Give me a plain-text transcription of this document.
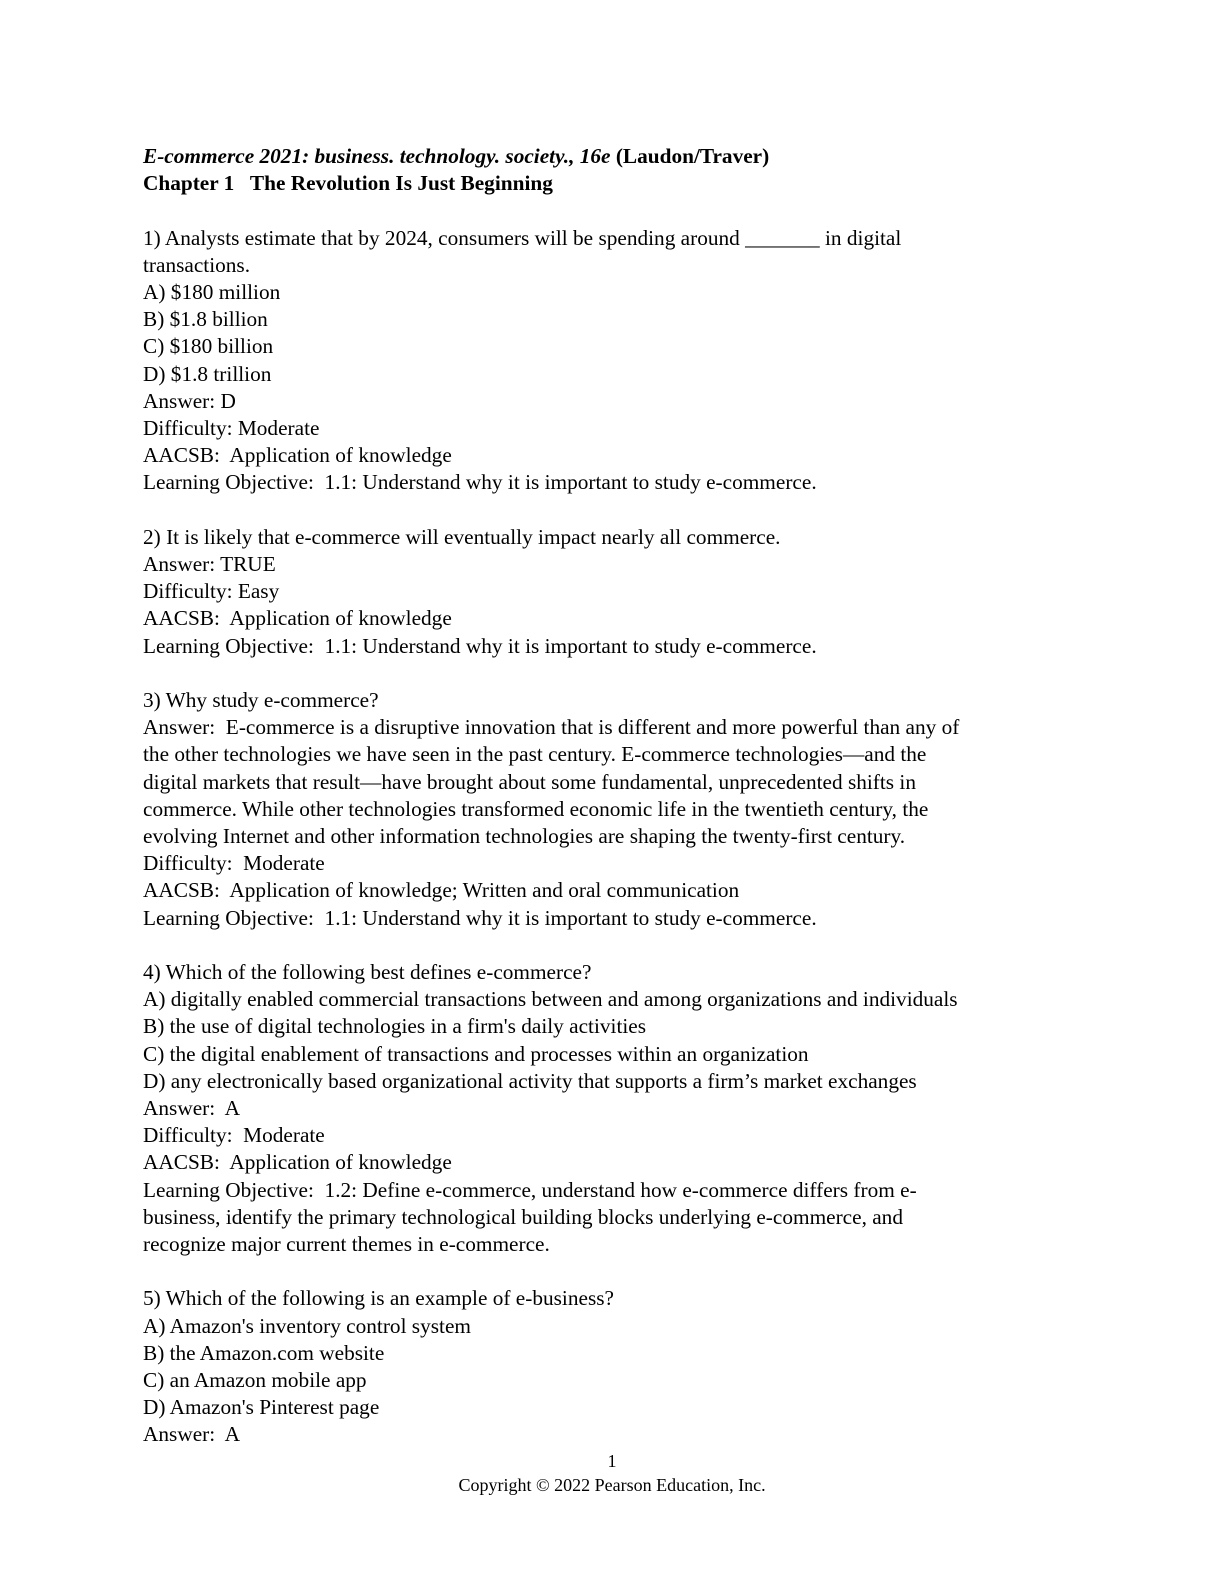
E-commerce 2021: business. technology. society., 16e (Laudon/Traver)
Chapter 1   The Revolution Is Just Beginning
1) Analysts estimate that by 2024, consumers will be spending around _______ in digital
transactions.
A) $180 million
B) $1.8 billion
C) $180 billion
D) $1.8 trillion
Answer: D
Difficulty: Moderate
AACSB:  Application of knowledge
Learning Objective:  1.1: Understand why it is important to study e-commerce.
2) It is likely that e-commerce will eventually impact nearly all commerce.
Answer: TRUE
Difficulty: Easy
AACSB:  Application of knowledge
Learning Objective:  1.1: Understand why it is important to study e-commerce.
3) Why study e-commerce?
Answer:  E-commerce is a disruptive innovation that is different and more powerful than any of
the other technologies we have seen in the past century. E-commerce technologies—and the
digital markets that result—have brought about some fundamental, unprecedented shifts in
commerce. While other technologies transformed economic life in the twentieth century, the
evolving Internet and other information technologies are shaping the twenty-first century.
Difficulty:  Moderate
AACSB:  Application of knowledge; Written and oral communication
Learning Objective:  1.1: Understand why it is important to study e-commerce.
4) Which of the following best defines e-commerce?
A) digitally enabled commercial transactions between and among organizations and individuals
B) the use of digital technologies in a firm's daily activities
C) the digital enablement of transactions and processes within an organization
D) any electronically based organizational activity that supports a firm’s market exchanges
Answer:  A
Difficulty:  Moderate
AACSB:  Application of knowledge
Learning Objective:  1.2: Define e-commerce, understand how e-commerce differs from e-
business, identify the primary technological building blocks underlying e-commerce, and
recognize major current themes in e-commerce.
5) Which of the following is an example of e-business?
A) Amazon's inventory control system
B) the Amazon.com website
C) an Amazon mobile app
D) Amazon's Pinterest page
Answer:  A
1
Copyright © 2022 Pearson Education, Inc.
